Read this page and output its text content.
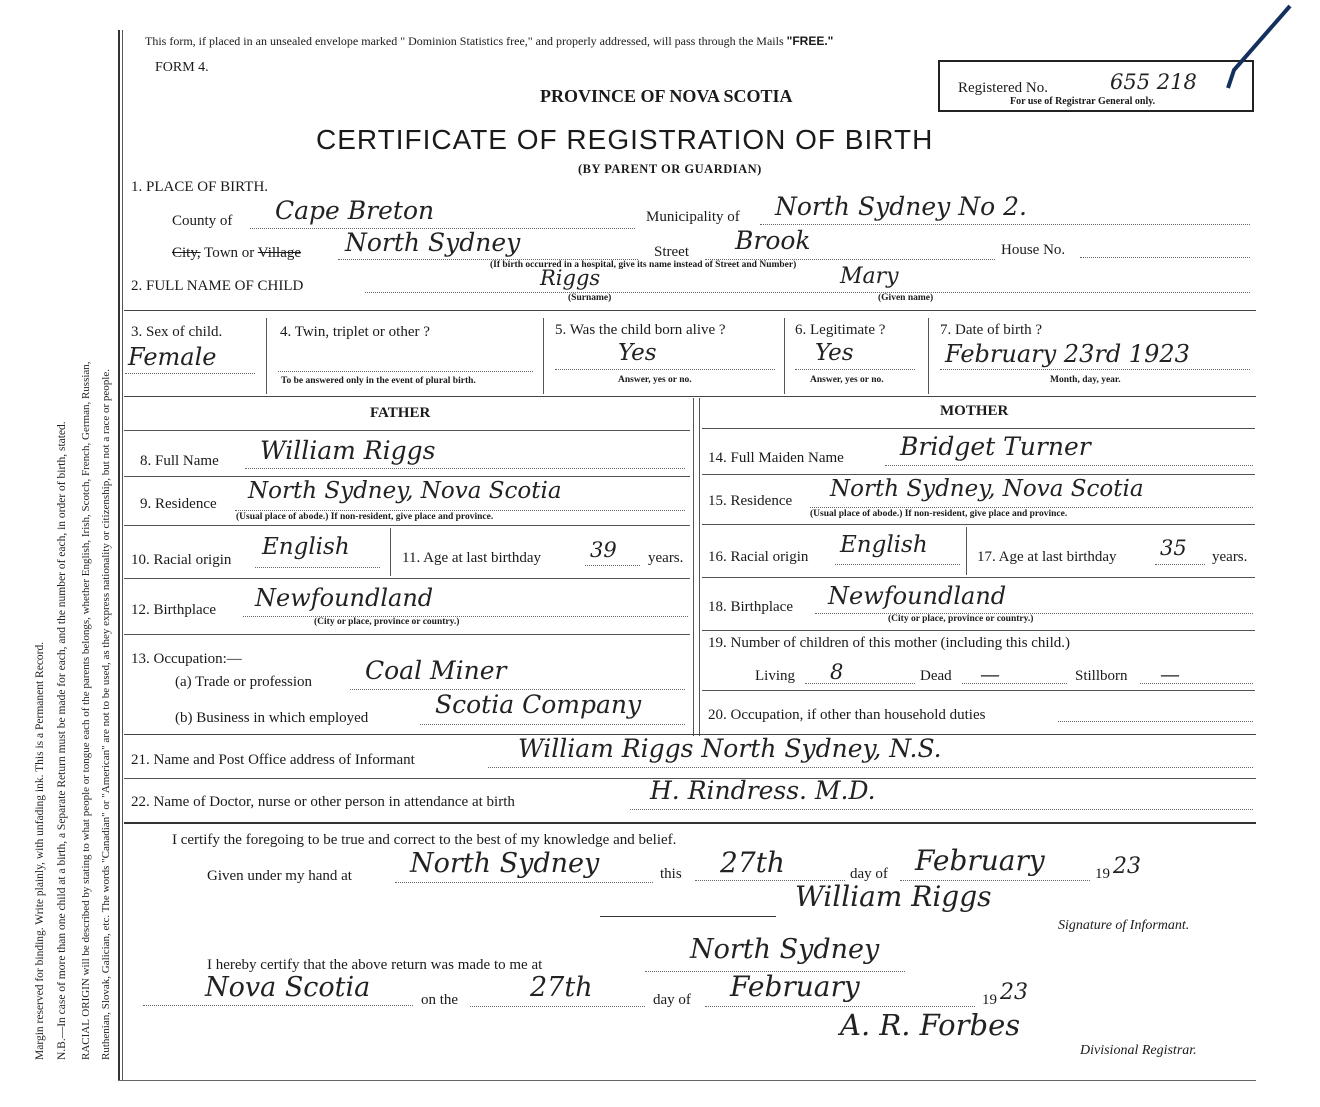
Margin reserved for binding. Write plainly, with unfading ink. This is a Permanent Record. N.B.—In case of more than one child at a birth, a Separate Return must be made for each, and the number of each, in order of birth, stated. RACIAL ORIGIN will be described by stating to what people or tongue each of the parents belongs, whether English, Irish, Scotch, French, German, Russian, Ruthenian, Slovak, Galician, etc. The words "Canadian" or "American" are not to be used, as they express nationality or citizenship, but not a race or people.
This form, if placed in an unsealed envelope marked " Dominion Statistics free," and properly addressed, will pass through the Mails "FREE."
FORM 4.
PROVINCE OF NOVA SCOTIA	Registered No.	655 218
For use of Registrar General only.
CERTIFICATE OF REGISTRATION OF BIRTH
(BY PARENT OR GUARDIAN)
1. PLACE OF BIRTH.
County of Cape Breton	Municipality of North Sydney No 2.
City, Town or Village North Sydney	Street Brook	House No.
(If birth occurred in a hospital, give its name instead of Street and Number)
2. FULL NAME OF CHILD	Riggs	Mary
(Surname)	(Given name)
3. Sex of child.
Female
4. Twin, triplet or other ?
To be answered only in the event of plural birth.
5. Was the child born alive ?
Yes
Answer, yes or no.
6. Legitimate ?
Yes
Answer, yes or no.
7. Date of birth ?
February 23rd 1923
Month, day, year.
FATHER	MOTHER
8. Full Name William Riggs
9. Residence North Sydney, Nova Scotia
(Usual place of abode.) If non-resident, give place and province.
10. Racial origin English	11. Age at last birthday 39 years.
12. Birthplace Newfoundland
(City or place, province or country.)
13. Occupation:—
(a) Trade or profession Coal Miner
(b) Business in which employed	Scotia Company
14. Full Maiden Name Bridget Turner
15. Residence North Sydney, Nova Scotia
(Usual place of abode.) If non-resident, give place and province.
16. Racial origin English	17. Age at last birthday 35 years.
18. Birthplace Newfoundland
(City or place, province or country.)
19. Number of children of this mother (including this child.)
Living 8	Dead —	Stillborn —
20. Occupation, if other than household duties
21. Name and Post Office address of Informant	William Riggs North Sydney, N.S.
22. Name of Doctor, nurse or other person in attendance at birth	H. Rindress. M.D.
I certify the foregoing to be true and correct to the best of my knowledge and belief.
Given under my hand at North Sydney	this 27th	day of February	19 23
William Riggs
Signature of Informant.
I hereby certify that the above return was made to me at	North Sydney
Nova Scotia	on the	27th	day of February	19 23
A. R. Forbes
Divisional Registrar.
